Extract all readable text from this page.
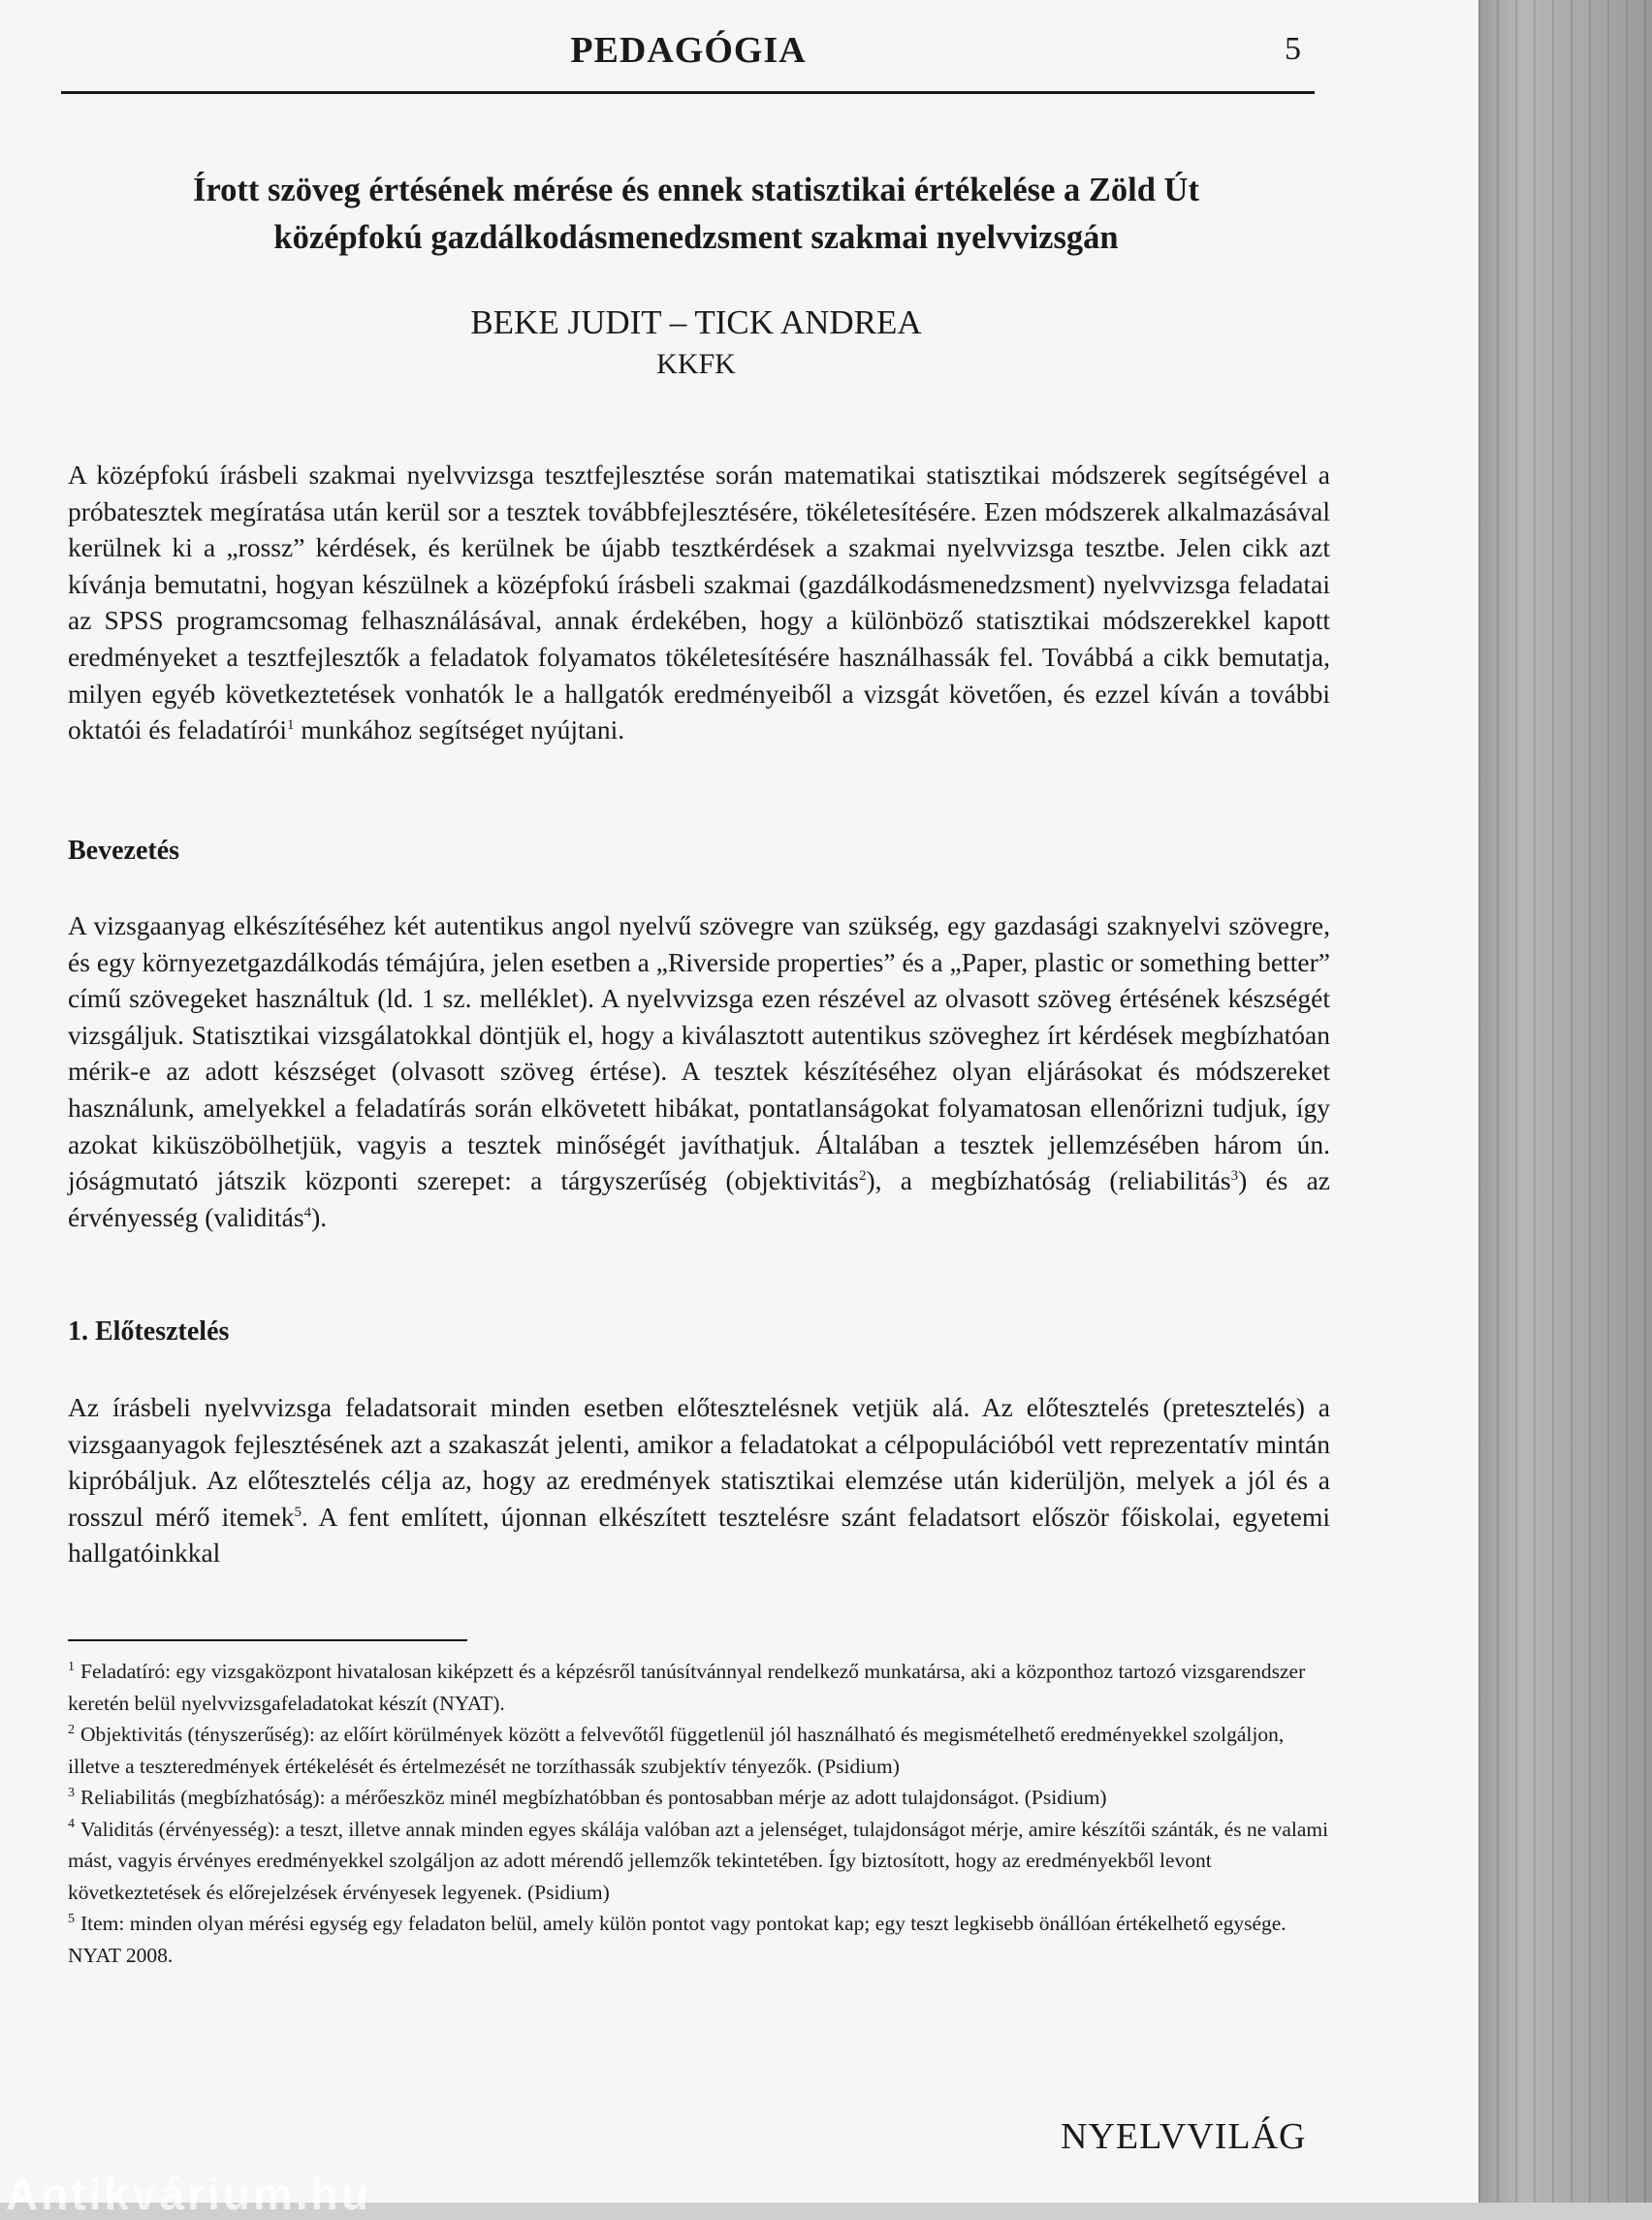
PEDAGÓGIA	5
Írott szöveg értésének mérése és ennek statisztikai értékelése a Zöld Út
középfokú gazdálkodásmenedzsment szakmai nyelvvizsgán
BEKE JUDIT – TICK ANDREA
KKFK

A középfokú írásbeli szakmai nyelvvizsga tesztfejlesztése során matematikai statisztikai módszerek segítségével a próbatesztek megíratása után kerül sor a tesztek továbbfejlesztésére, tökéletesítésére. Ezen módszerek alkalmazásával kerülnek ki a „rossz” kérdések, és kerülnek be újabb tesztkérdések a szakmai nyelvvizsga tesztbe. Jelen cikk azt kívánja bemutatni, hogyan készülnek a középfokú írásbeli szakmai (gazdálkodásmenedzsment) nyelvvizsga feladatai az SPSS programcsomag felhasználásával, annak érdekében, hogy a különböző statisztikai módszerekkel kapott eredményeket a tesztfejlesztők a feladatok folyamatos tökéletesítésére használhassák fel. Továbbá a cikk bemutatja, milyen egyéb következtetések vonhatók le a hallgatók eredményeiből a vizsgát követően, és ezzel kíván a további oktatói és feladatírói$^1$ munkához segítséget nyújtani.

Bevezetés

A vizsgaanyag elkészítéséhez két autentikus angol nyelvű szövegre van szükség, egy gazdasági szaknyelvi szövegre, és egy környezetgazdálkodás témájúra, jelen esetben a „Riverside properties” és a „Paper, plastic or something better” című szövegeket használtuk (ld. 1 sz. melléklet). A nyelvvizsga ezen részével az olvasott szöveg értésének készségét vizsgáljuk. Statisztikai vizsgálatokkal döntjük el, hogy a kiválasztott autentikus szöveghez írt kérdések megbízhatóan mérik-e az adott készséget (olvasott szöveg értése). A tesztek készítéséhez olyan eljárásokat és módszereket használunk, amelyekkel a feladatírás során elkövetett hibákat, pontatlanságokat folyamatosan ellenőrizni tudjuk, így azokat kiküszöbölhetjük, vagyis a tesztek minőségét javíthatjuk. Általában a tesztek jellemzésében három ún. jóságmutató játszik központi szerepet: a tárgyszerűség (objektivitás$^2$), a megbízhatóság (reliabilitás$^3$) és az érvényesség (validitás$^4$).

1. Előtesztelés

Az írásbeli nyelvvizsga feladatsorait minden esetben előtesztelésnek vetjük alá. Az előtesztelés (pretesztelés) a vizsgaanyagok fejlesztésének azt a szakaszát jelenti, amikor a feladatokat a célpopulációból vett reprezentatív mintán kipróbáljuk. Az előtesztelés célja az, hogy az eredmények statisztikai elemzése után kiderüljön, melyek a jól és a rosszul mérő itemek$^5$. A fent említett, újonnan elkészített tesztelésre szánt feladatsort először főiskolai, egyetemi hallgatóinkkal

$^1$ Feladatíró: egy vizsgaközpont hivatalosan kiképzett és a képzésről tanúsítvánnyal rendelkező munkatársa, aki a központhoz tartozó vizsgarendszer keretén belül nyelvvizsgafeladatokat készít (NYAT).

$^2$ Objektivitás (tényszerűség): az előírt körülmények között a felvevőtől függetlenül jól használható és megismételhető eredményekkel szolgáljon, illetve a teszteredmények értékelését és értelmezését ne torzíthassák szubjektív tényezők. (Psidium)

$^3$ Reliabilitás (megbízhatóság): a mérőeszköz minél megbízhatóbban és pontosabban mérje az adott tulajdonságot. (Psidium)

$^4$ Validitás (érvényesség): a teszt, illetve annak minden egyes skálája valóban azt a jelenséget, tulajdonságot mérje, amire készítői szánták, és ne valami mást, vagyis érvényes eredményekkel szolgáljon az adott mérendő jellemzők tekintetében. Így biztosított, hogy az eredményekből levont következtetések és előrejelzések érvényesek legyenek. (Psidium)

$^5$ Item: minden olyan mérési egység egy feladaton belül, amely külön pontot vagy pontokat kap; egy teszt legkisebb önállóan értékelhető egysége. NYAT 2008.

NYELVVILÁG
Antikvárium.hu
